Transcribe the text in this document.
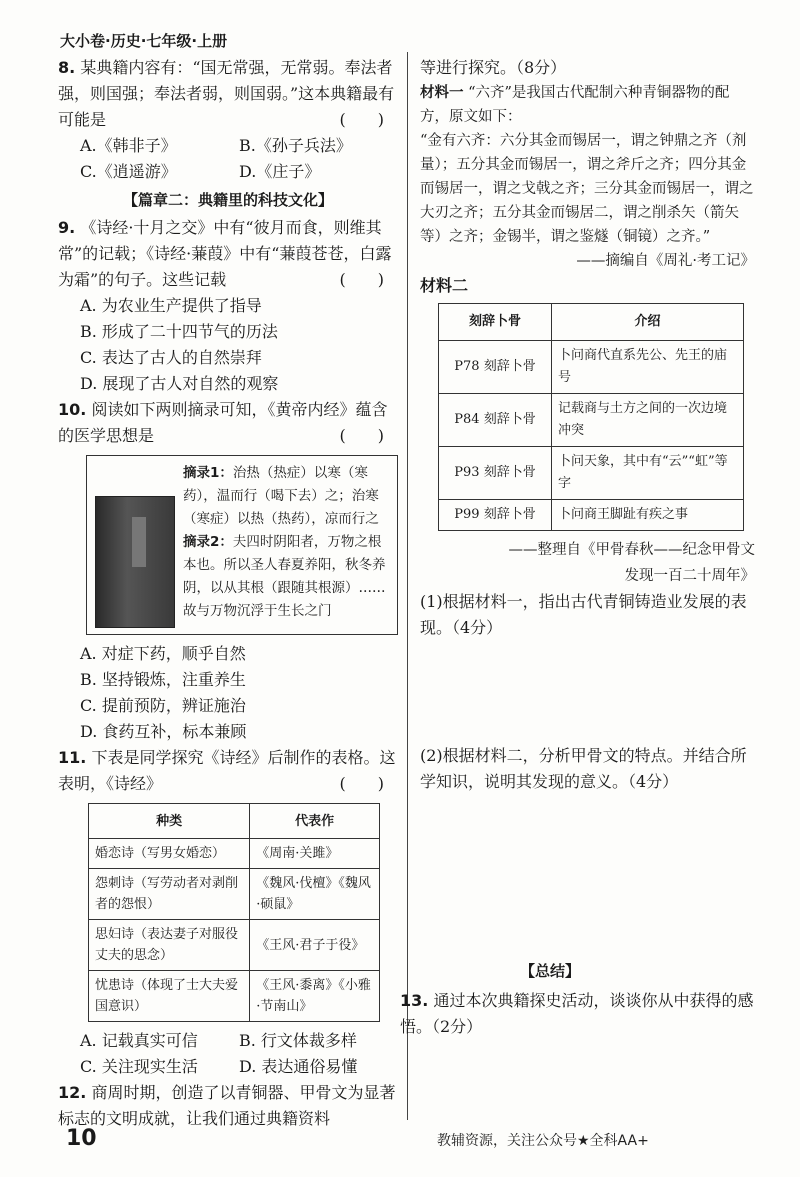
大小卷·历史·七年级·上册
8. 某典籍内容有：“国无常强，无常弱。奉法者强，则国强；奉法者弱，则国弱。”这本典籍最有可能是	(　　)
A.《韩非子》	B.《孙子兵法》
C.《逍遥游》	D.《庄子》
【篇章二：典籍里的科技文化】
9. 《诗经·十月之交》中有“彼月而食，则维其常”的记载；《诗经·蒹葭》中有“蒹葭苍苍，白露为霜”的句子。这些记载	(　　)
A. 为农业生产提供了指导
B. 形成了二十四节气的历法
C. 表达了古人的自然崇拜
D. 展现了古人对自然的观察
10. 阅读如下两则摘录可知，《黄帝内经》蕴含的医学思想是	(　　)
摘录1：治热（热症）以寒（寒药），温而行（喝下去）之；治寒（寒症）以热（热药），凉而行之
摘录2：夫四时阴阳者，万物之根本也。所以圣人春夏养阳，秋冬养阴，以从其根（跟随其根源）……故与万物沉浮于生长之门
A. 对症下药，顺乎自然
B. 坚持锻炼，注重养生
C. 提前预防，辨证施治
D. 食药互补，标本兼顾
11. 下表是同学探究《诗经》后制作的表格。这表明，《诗经》	(　　)
种类	代表作
婚恋诗（写男女婚恋）	《周南·关雎》
怨刺诗（写劳动者对剥削者的怨恨）	《魏风·伐檀》《魏风·硕鼠》
思妇诗（表达妻子对服役丈夫的思念）	《王风·君子于役》
忧患诗（体现了士大夫爱国意识）	《王风·黍离》《小雅·节南山》
A. 记载真实可信	B. 行文体裁多样
C. 关注现实生活	D. 表达通俗易懂
12. 商周时期，创造了以青铜器、甲骨文为显著标志的文明成就，让我们通过典籍资料
等进行探究。（8分）
材料一 “六齐”是我国古代配制六种青铜器物的配方，原文如下：
“金有六齐：六分其金而锡居一，谓之钟鼎之齐（剂量）；五分其金而锡居一，谓之斧斤之齐；四分其金而锡居一，谓之戈戟之齐；三分其金而锡居一，谓之大刃之齐；五分其金而锡居二，谓之削杀矢（箭矢等）之齐；金锡半，谓之鉴燧（铜镜）之齐。”
——摘编自《周礼·考工记》
材料二
刻辞卜骨	介绍
P78 刻辞卜骨	卜问商代直系先公、先王的庙号
P84 刻辞卜骨	记载商与土方之间的一次边境冲突
P93 刻辞卜骨	卜问天象，其中有“云”“虹”等字
P99 刻辞卜骨	卜问商王脚趾有疾之事
——整理自《甲骨春秋——纪念甲骨文
发现一百二十周年》
(1)根据材料一，指出古代青铜铸造业发展的表现。（4分）
(2)根据材料二，分析甲骨文的特点。并结合所学知识，说明其发现的意义。（4分）
【总结】
13. 通过本次典籍探史活动，谈谈你从中获得的感悟。（2分）
10	教辅资源，关注公众号★全科AA+
